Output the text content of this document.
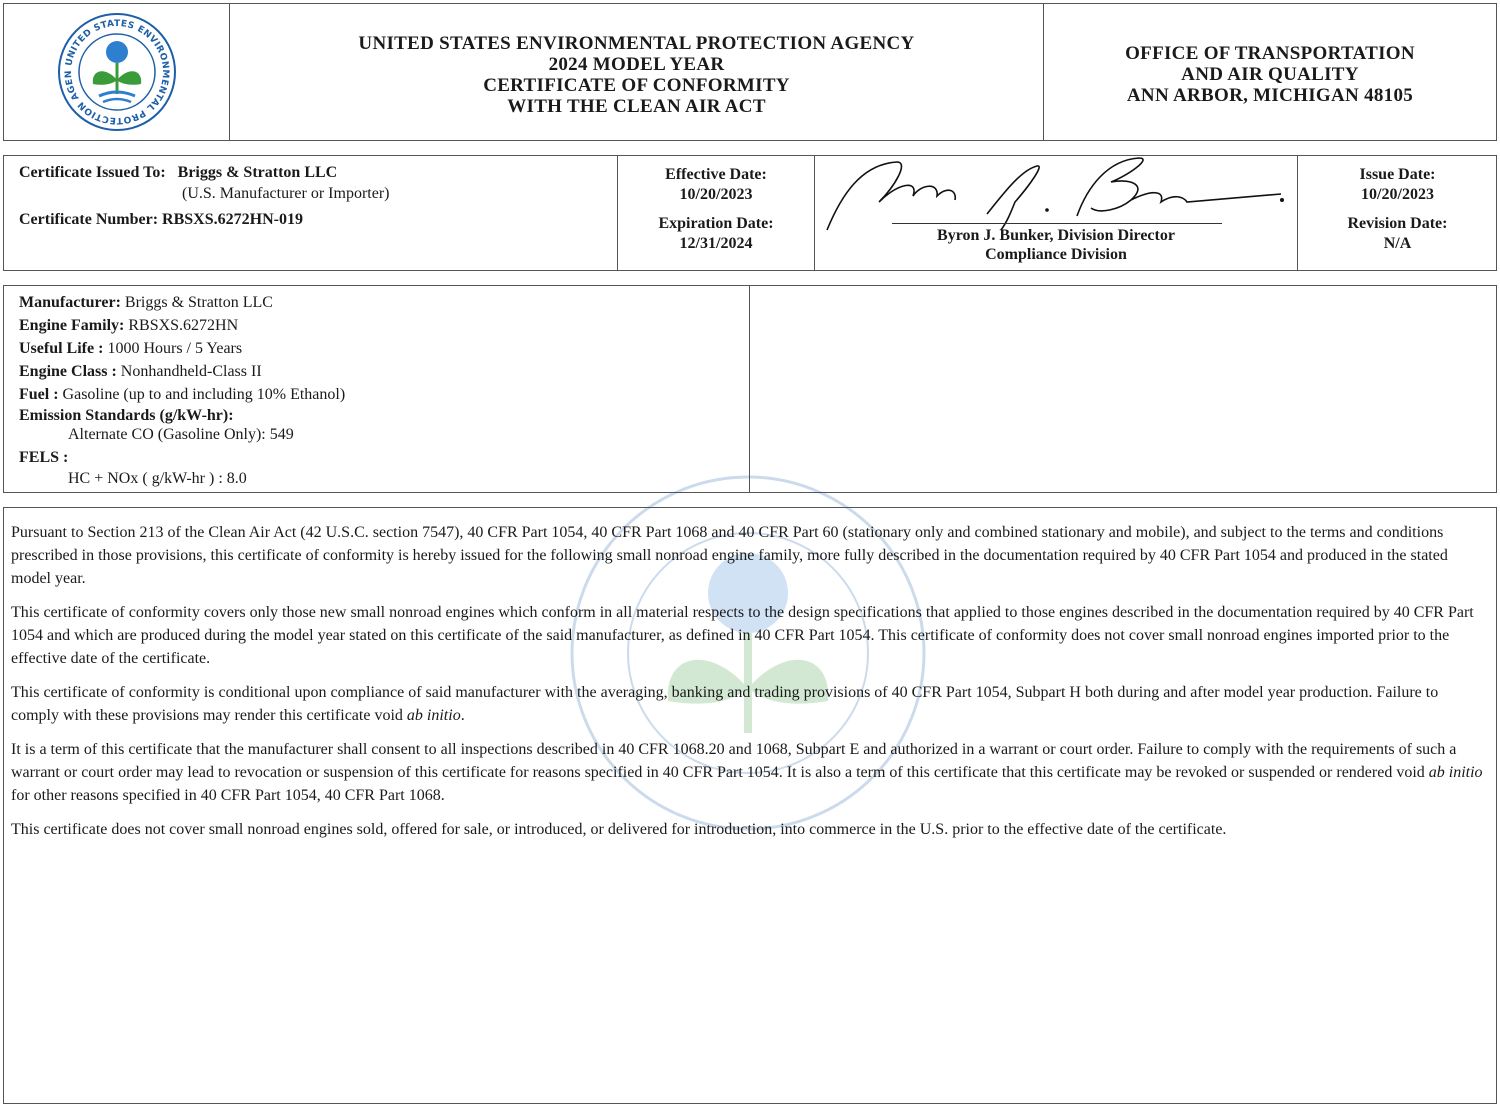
UNITED STATES ENVIRONMENTAL PROTECTION AGEN
UNITED STATES ENVIRONMENTAL PROTECTION AGENCY
2024 MODEL YEAR
CERTIFICATE OF CONFORMITY
WITH THE CLEAN AIR ACT
OFFICE OF TRANSPORTATION
AND AIR QUALITY
ANN ARBOR, MICHIGAN 48105
Certificate Issued To: Briggs & Stratton LLC
(U.S. Manufacturer or Importer)
Certificate Number: RBSXS.6272HN-019
Effective Date:
10/20/2023
Expiration Date:
12/31/2024	Byron J. Bunker, Division Director
Compliance Division
Issue Date:
10/20/2023
Revision Date:
N/A
Manufacturer: Briggs & Stratton LLC
Engine Family: RBSXS.6272HN
Useful Life : 1000 Hours / 5 Years
Engine Class : Nonhandheld-Class II
Fuel : Gasoline (up to and including 10% Ethanol)
Emission Standards (g/kW-hr):
Alternate CO (Gasoline Only): 549
FELS :
HC + NOx ( g/kW-hr ) : 8.0

Pursuant to Section 213 of the Clean Air Act (42 U.S.C. section 7547), 40 CFR Part 1054, 40 CFR Part 1068 and 40 CFR Part 60 (stationary only and combined stationary and mobile), and subject to the terms and conditions prescribed in those provisions, this certificate of conformity is hereby issued for the following small nonroad engine family, more fully described in the documentation required by 40 CFR Part 1054 and produced in the stated model year.

This certificate of conformity covers only those new small nonroad engines which conform in all material respects to the design specifications that applied to those engines described in the documentation required by 40 CFR Part 1054 and which are produced during the model year stated on this certificate of the said manufacturer, as defined in 40 CFR Part 1054. This certificate of conformity does not cover small nonroad engines imported prior to the effective date of the certificate.

This certificate of conformity is conditional upon compliance of said manufacturer with the averaging, banking and trading provisions of 40 CFR Part 1054, Subpart H both during and after model year production. Failure to comply with these provisions may render this certificate void ab initio.

It is a term of this certificate that the manufacturer shall consent to all inspections described in 40 CFR 1068.20 and 1068, Subpart E and authorized in a warrant or court order. Failure to comply with the requirements of such a warrant or court order may lead to revocation or suspension of this certificate for reasons specified in 40 CFR Part 1054. It is also a term of this certificate that this certificate may be revoked or suspended or rendered void ab initio for other reasons specified in 40 CFR Part 1054, 40 CFR Part 1068.

This certificate does not cover small nonroad engines sold, offered for sale, or introduced, or delivered for introduction, into commerce in the U.S. prior to the effective date of the certificate.
